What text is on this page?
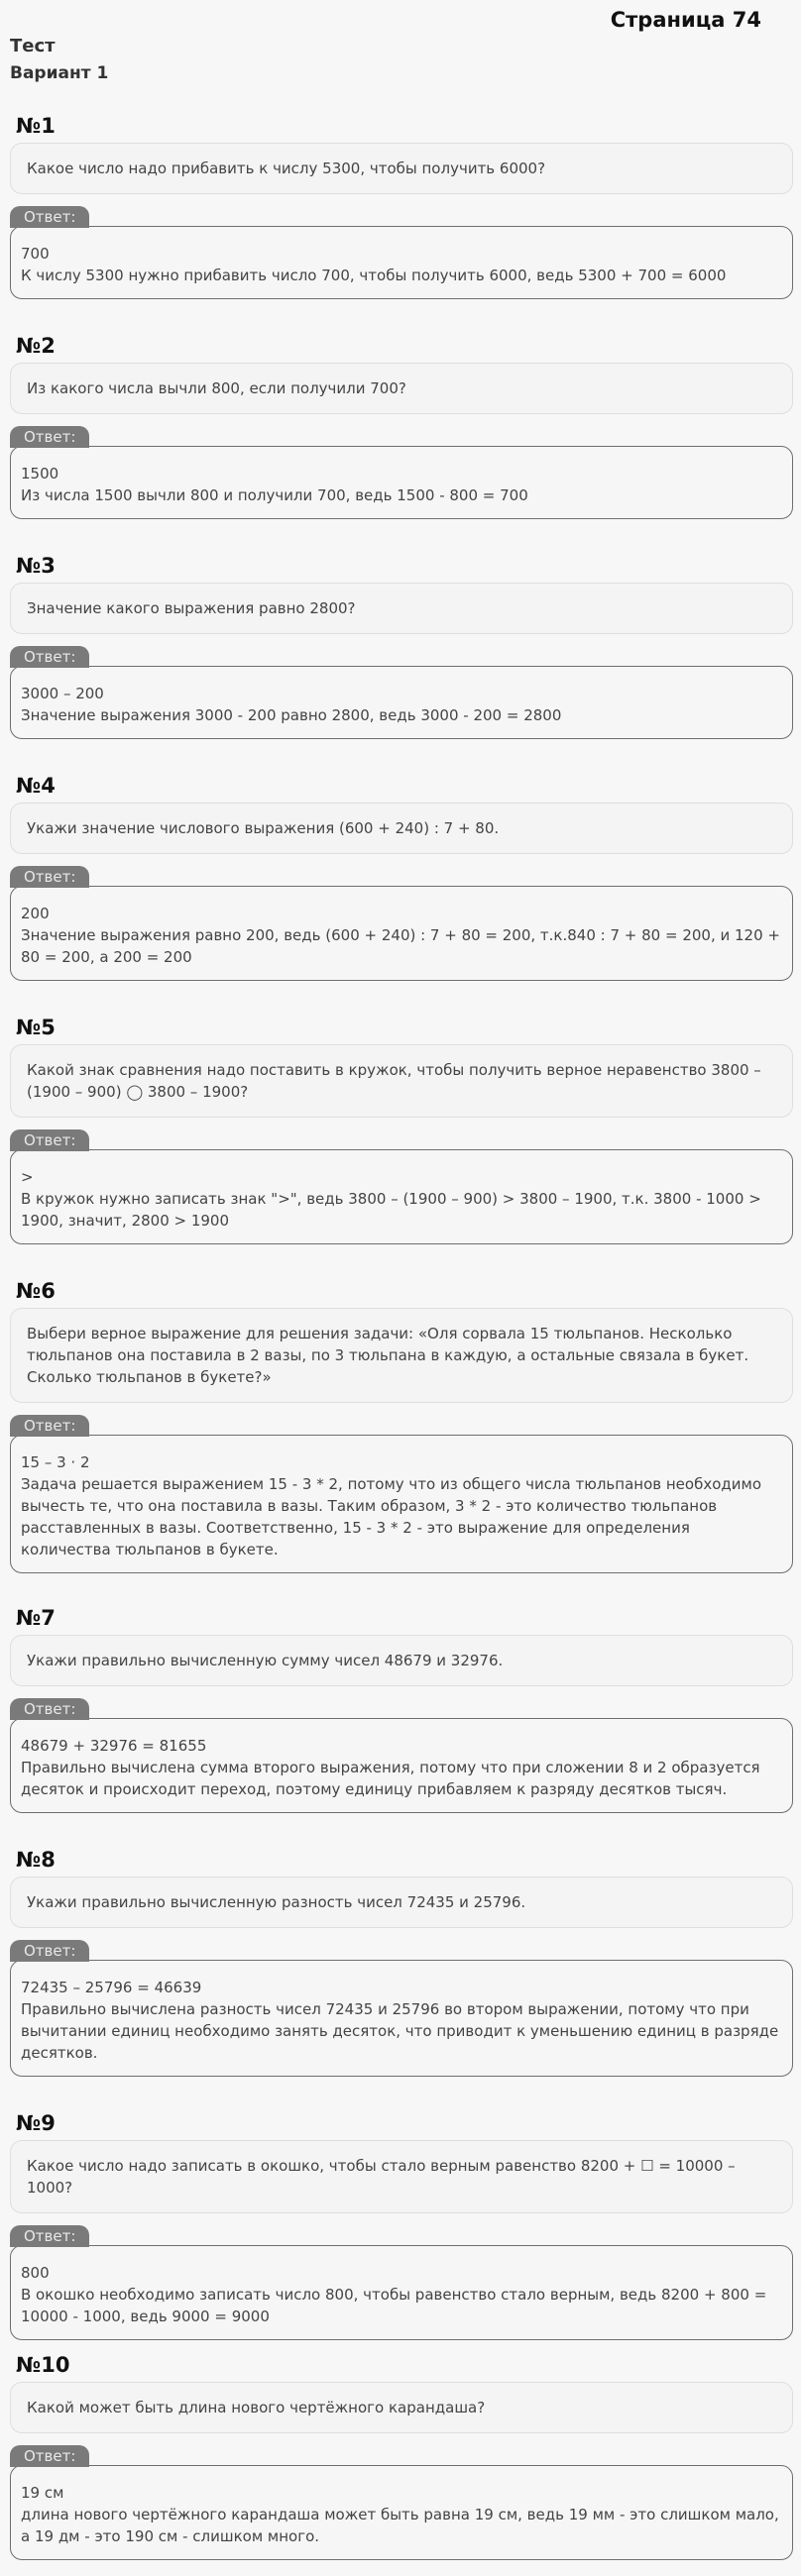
Страница 74
Тест
Вариант 1
№1
Какое число надо прибавить к числу 5300, чтобы получить 6000?
Ответ:
700
К числу 5300 нужно прибавить число 700, чтобы получить 6000, ведь 5300 + 700 = 6000
№2
Из какого числа вычли 800, если получили 700?
Ответ:
1500
Из числа 1500 вычли 800 и получили 700, ведь 1500 - 800 = 700
№3
Значение какого выражения равно 2800?
Ответ:
3000 – 200
Значение выражения 3000 - 200 равно 2800, ведь 3000 - 200 = 2800
№4
Укажи значение числового выражения (600 + 240) : 7 + 80.
Ответ:
200
Значение выражения равно 200, ведь (600 + 240) : 7 + 80 = 200, т.к.840 : 7 + 80 = 200, и 120 + 80 = 200, а 200 = 200
№5
Какой знак сравнения надо поставить в кружок, чтобы получить верное неравенство 3800 – (1900 – 900) ◯ 3800 – 1900?
Ответ:
>
В кружок нужно записать знак ">", ведь 3800 – (1900 – 900) > 3800 – 1900, т.к. 3800 - 1000 > 1900, значит, 2800 > 1900
№6
Выбери верное выражение для решения задачи: «Оля сорвала 15 тюльпанов. Несколько тюльпанов она поставила в 2 вазы, по 3 тюльпана в каждую, а остальные связала в букет. Сколько тюльпанов в букете?»
Ответ:
15 – 3 · 2
Задача решается выражением 15 - 3 * 2, потому что из общего числа тюльпанов необходимо вычесть те, что она поставила в вазы. Таким образом, 3 * 2 - это количество тюльпанов расставленных в вазы. Соответственно, 15 - 3 * 2 - это выражение для определения количества тюльпанов в букете.
№7
Укажи правильно вычисленную сумму чисел 48679 и 32976.
Ответ:
48679 + 32976 = 81655
Правильно вычислена сумма второго выражения, потому что при сложении 8 и 2 образуется десяток и происходит переход, поэтому единицу прибавляем к разряду десятков тысяч.
№8
Укажи правильно вычисленную разность чисел 72435 и 25796.
Ответ:
72435 – 25796 = 46639
Правильно вычислена разность чисел 72435 и 25796 во втором выражении, потому что при вычитании единиц необходимо занять десяток, что приводит к уменьшению единиц в разряде десятков.
№9
Какое число надо записать в окошко, чтобы стало верным равенство 8200 + ☐ = 10000 – 1000?
Ответ:
800
В окошко необходимо записать число 800, чтобы равенство стало верным, ведь 8200 + 800 = 10000 - 1000, ведь 9000 = 9000
№10
Какой может быть длина нового чертёжного карандаша?
Ответ:
19 см
длина нового чертёжного карандаша может быть равна 19 см, ведь 19 мм - это слишком мало, а 19 дм - это 190 см - слишком много.
